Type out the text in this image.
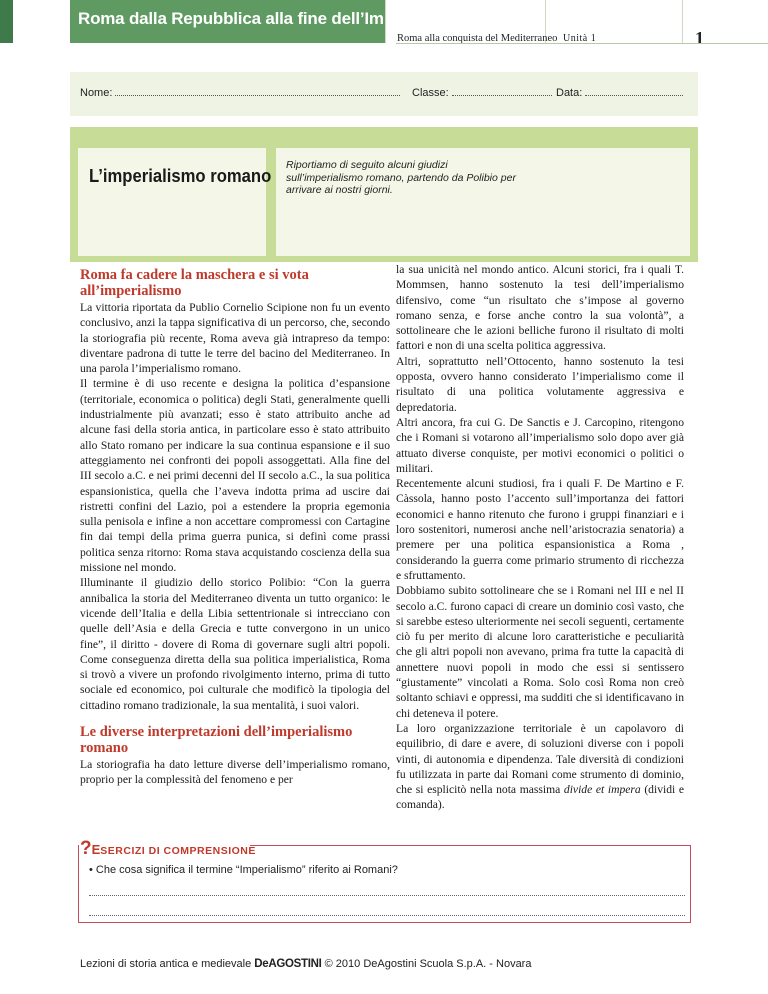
Roma dalla Repubblica alla fine dell’Impero
Roma alla conquista del Mediterraneo Unità 1	1
Nome:	Classe:	Data:
L’imperialismo romano Riportiamo di seguito alcuni giudizi sull’imperialismo romano, partendo da Polibio per arrivare ai nostri giorni.
Roma fa cadere la maschera e si vota all’imperialismo

La vittoria riportata da Publio Cornelio Scipione non fu un evento conclusivo, anzi la tappa significativa di un percorso, che, secondo la storiografia più recente, Roma aveva già intrapreso da tempo: diventare padrona di tutte le terre del bacino del Mediterraneo. In una parola l’imperialismo romano.

Il termine è di uso recente e designa la politica d’espansione (territoriale, economica o politica) degli Stati, generalmente quelli industrialmente più avanzati; esso è stato attribuito anche ad alcune fasi della storia antica, in particolare esso è stato attribuito allo Stato romano per indicare la sua continua espansione e il suo atteggiamento nei confronti dei popoli assoggettati. Alla fine del III secolo a.C. e nei primi decenni del II secolo a.C., la sua politica espansionistica, quella che l’aveva indotta prima ad uscire dai ristretti confini del Lazio, poi a estendere la propria egemonia sulla penisola e infine a non accettare compromessi con Cartagine fin dai tempi della prima guerra punica, si definì come prassi politica senza ritorno: Roma stava acquistando coscienza della sua missione nel mondo.

Illuminante il giudizio dello storico Polibio: “Con la guerra annibalica la storia del Mediterraneo diventa un tutto organico: le vicende dell’Italia e della Libia settentrionale si intrecciano con quelle dell’Asia e della Grecia e tutte convergono in un unico fine”, il diritto - dovere di Roma di governare sugli altri popoli. Come conseguenza diretta della sua politica imperialistica, Roma si trovò a vivere un profondo rivolgimento interno, prima di tutto sociale ed economico, poi culturale che modificò la tipologia del cittadino romano tradizionale, la sua mentalità, i suoi valori.

Le diverse interpretazioni dell’imperialismo romano

La storiografia ha dato letture diverse dell’imperialismo romano, proprio per la complessità del fenomeno e per

la sua unicità nel mondo antico. Alcuni storici, fra i quali T. Mommsen, hanno sostenuto la tesi dell’imperialismo difensivo, come “un risultato che s’impose al governo romano senza, e forse anche contro la sua volontà”, a sottolineare che le azioni belliche furono il risultato di molti fattori e non di una scelta politica aggressiva.

Altri, soprattutto nell’Ottocento, hanno sostenuto la tesi opposta, ovvero hanno considerato l’imperialismo come il risultato di una politica volutamente aggressiva e depredatoria.

Altri ancora, fra cui G. De Sanctis e J. Carcopino, ritengono che i Romani si votarono all’imperialismo solo dopo aver già attuato diverse conquiste, per motivi economici o politici o militari.

Recentemente alcuni studiosi, fra i quali F. De Martino e F. Càssola, hanno posto l’accento sull’importanza dei fattori economici e hanno ritenuto che furono i gruppi finanziari e i loro sostenitori, numerosi anche nell’aristocrazia senatoria) a premere per una politica espansionistica a Roma , considerando la guerra come primario strumento di ricchezza e sfruttamento.

Dobbiamo subito sottolineare che se i Romani nel III e nel II secolo a.C. furono capaci di creare un dominio così vasto, che si sarebbe esteso ulteriormente nei secoli seguenti, certamente ciò fu per merito di alcune loro caratteristiche e peculiarità che gli altri popoli non avevano, prima fra tutte la capacità di annettere nuovi popoli in modo che essi si sentissero “giustamente” vincolati a Roma. Solo così Roma non creò soltanto schiavi e oppressi, ma sudditi che si identificavano in chi deteneva il potere.

La loro organizzazione territoriale è un capolavoro di equilibrio, di dare e avere, di soluzioni diverse con i popoli vinti, di autonomia e dipendenza. Tale diversità di condizioni fu utilizzata in parte dai Romani come strumento di dominio, che si esplicitò nella nota massima divide et impera (dividi e comanda).

?ESERCIZI DI COMPRENSIONE
• Che cosa significa il termine “Imperialismo” riferito ai Romani?
Lezioni di storia antica e medievale DeAGOSTINI © 2010 DeAgostini Scuola S.p.A. - Novara
